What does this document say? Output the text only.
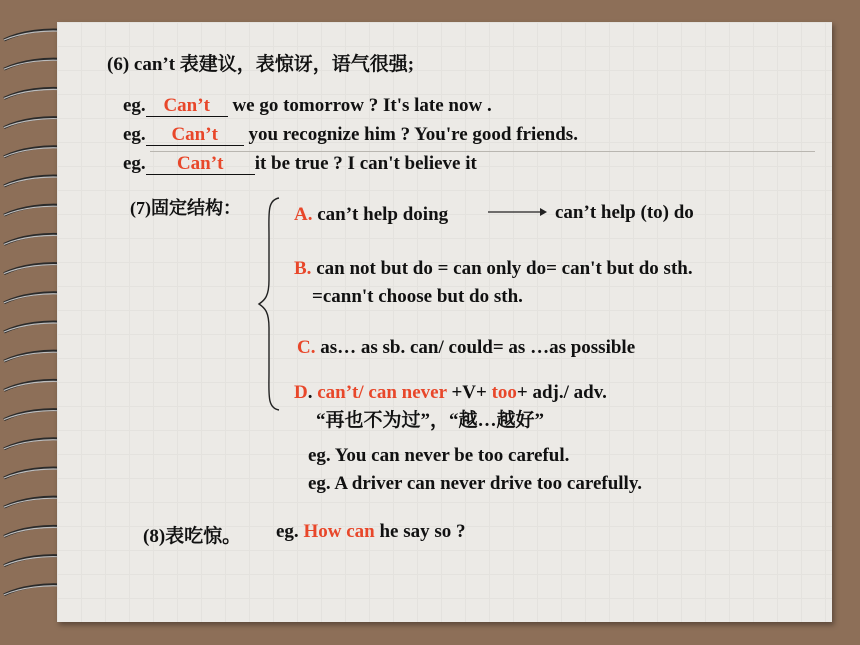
(6) can’t 表建议，表惊讶，语气很强;
eg. Can’t we go tomorrow ? It's late now .
eg. Can’t you recognize him ? You're good friends.
eg. Can’t it be true ? I can't believe it
(7)固定结构：	A. can’t help doing	can’t help (to) do
B. can not but do = can only do= can't but do sth.
=cann't choose but do sth.
C. as… as sb. can/ could= as …as possible
D. can’t/ can never +V+ too+ adj./ adv.
“再也不为过”，“越…越好”
eg. You can never be too careful.
eg. A driver can never drive too carefully.
(8)表吃惊。 eg. How can he say so ?
